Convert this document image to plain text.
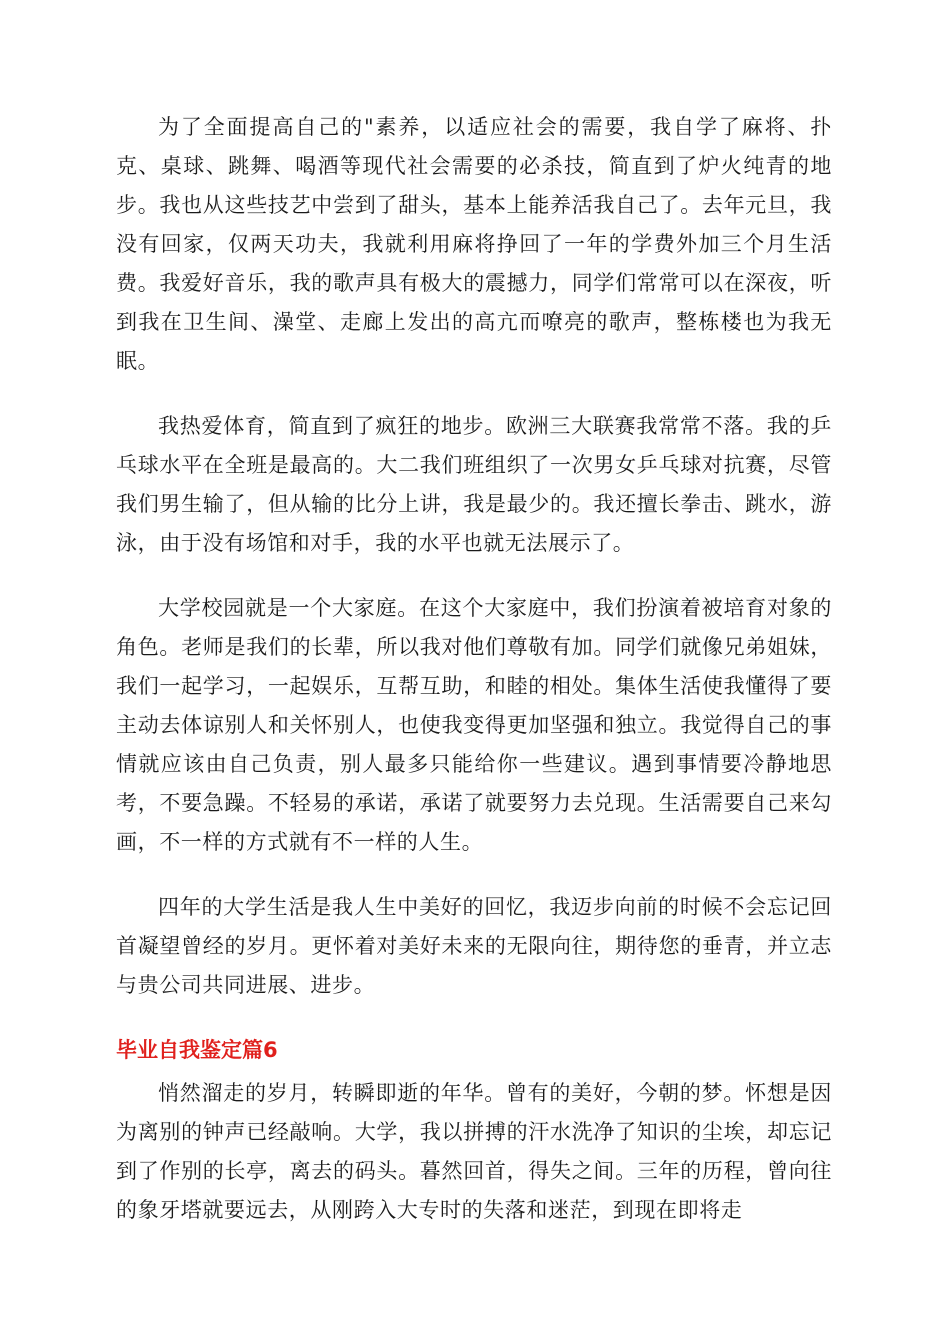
为了全面提高自己的"素养，以适应社会的需要，我自学了麻将、扑克、桌球、跳舞、喝酒等现代社会需要的必杀技，简直到了炉火纯青的地步。我也从这些技艺中尝到了甜头，基本上能养活我自己了。去年元旦，我没有回家，仅两天功夫，我就利用麻将挣回了一年的学费外加三个月生活费。我爱好音乐，我的歌声具有极大的震撼力，同学们常常可以在深夜，听到我在卫生间、澡堂、走廊上发出的高亢而嘹亮的歌声，整栋楼也为我无眠。

我热爱体育，简直到了疯狂的地步。欧洲三大联赛我常常不落。我的乒乓球水平在全班是最高的。大二我们班组织了一次男女乒乓球对抗赛，尽管我们男生输了，但从输的比分上讲，我是最少的。我还擅长拳击、跳水，游泳，由于没有场馆和对手，我的水平也就无法展示了。

大学校园就是一个大家庭。在这个大家庭中，我们扮演着被培育对象的角色。老师是我们的长辈，所以我对他们尊敬有加。同学们就像兄弟姐妹，我们一起学习，一起娱乐，互帮互助，和睦的相处。集体生活使我懂得了要主动去体谅别人和关怀别人，也使我变得更加坚强和独立。我觉得自己的事情就应该由自己负责，别人最多只能给你一些建议。遇到事情要冷静地思考，不要急躁。不轻易的承诺，承诺了就要努力去兑现。生活需要自己来勾画，不一样的方式就有不一样的人生。

四年的大学生活是我人生中美好的回忆，我迈步向前的时候不会忘记回首凝望曾经的岁月。更怀着对美好未来的无限向往，期待您的垂青，并立志与贵公司共同进展、进步。

毕业自我鉴定篇6

悄然溜走的岁月，转瞬即逝的年华。曾有的美好，今朝的梦。怀想是因为离别的钟声已经敲响。大学，我以拼搏的汗水洗净了知识的尘埃，却忘记到了作别的长亭，离去的码头。暮然回首，得失之间。三年的历程，曾向往的象牙塔就要远去，从刚跨入大专时的失落和迷茫，到现在即将走
